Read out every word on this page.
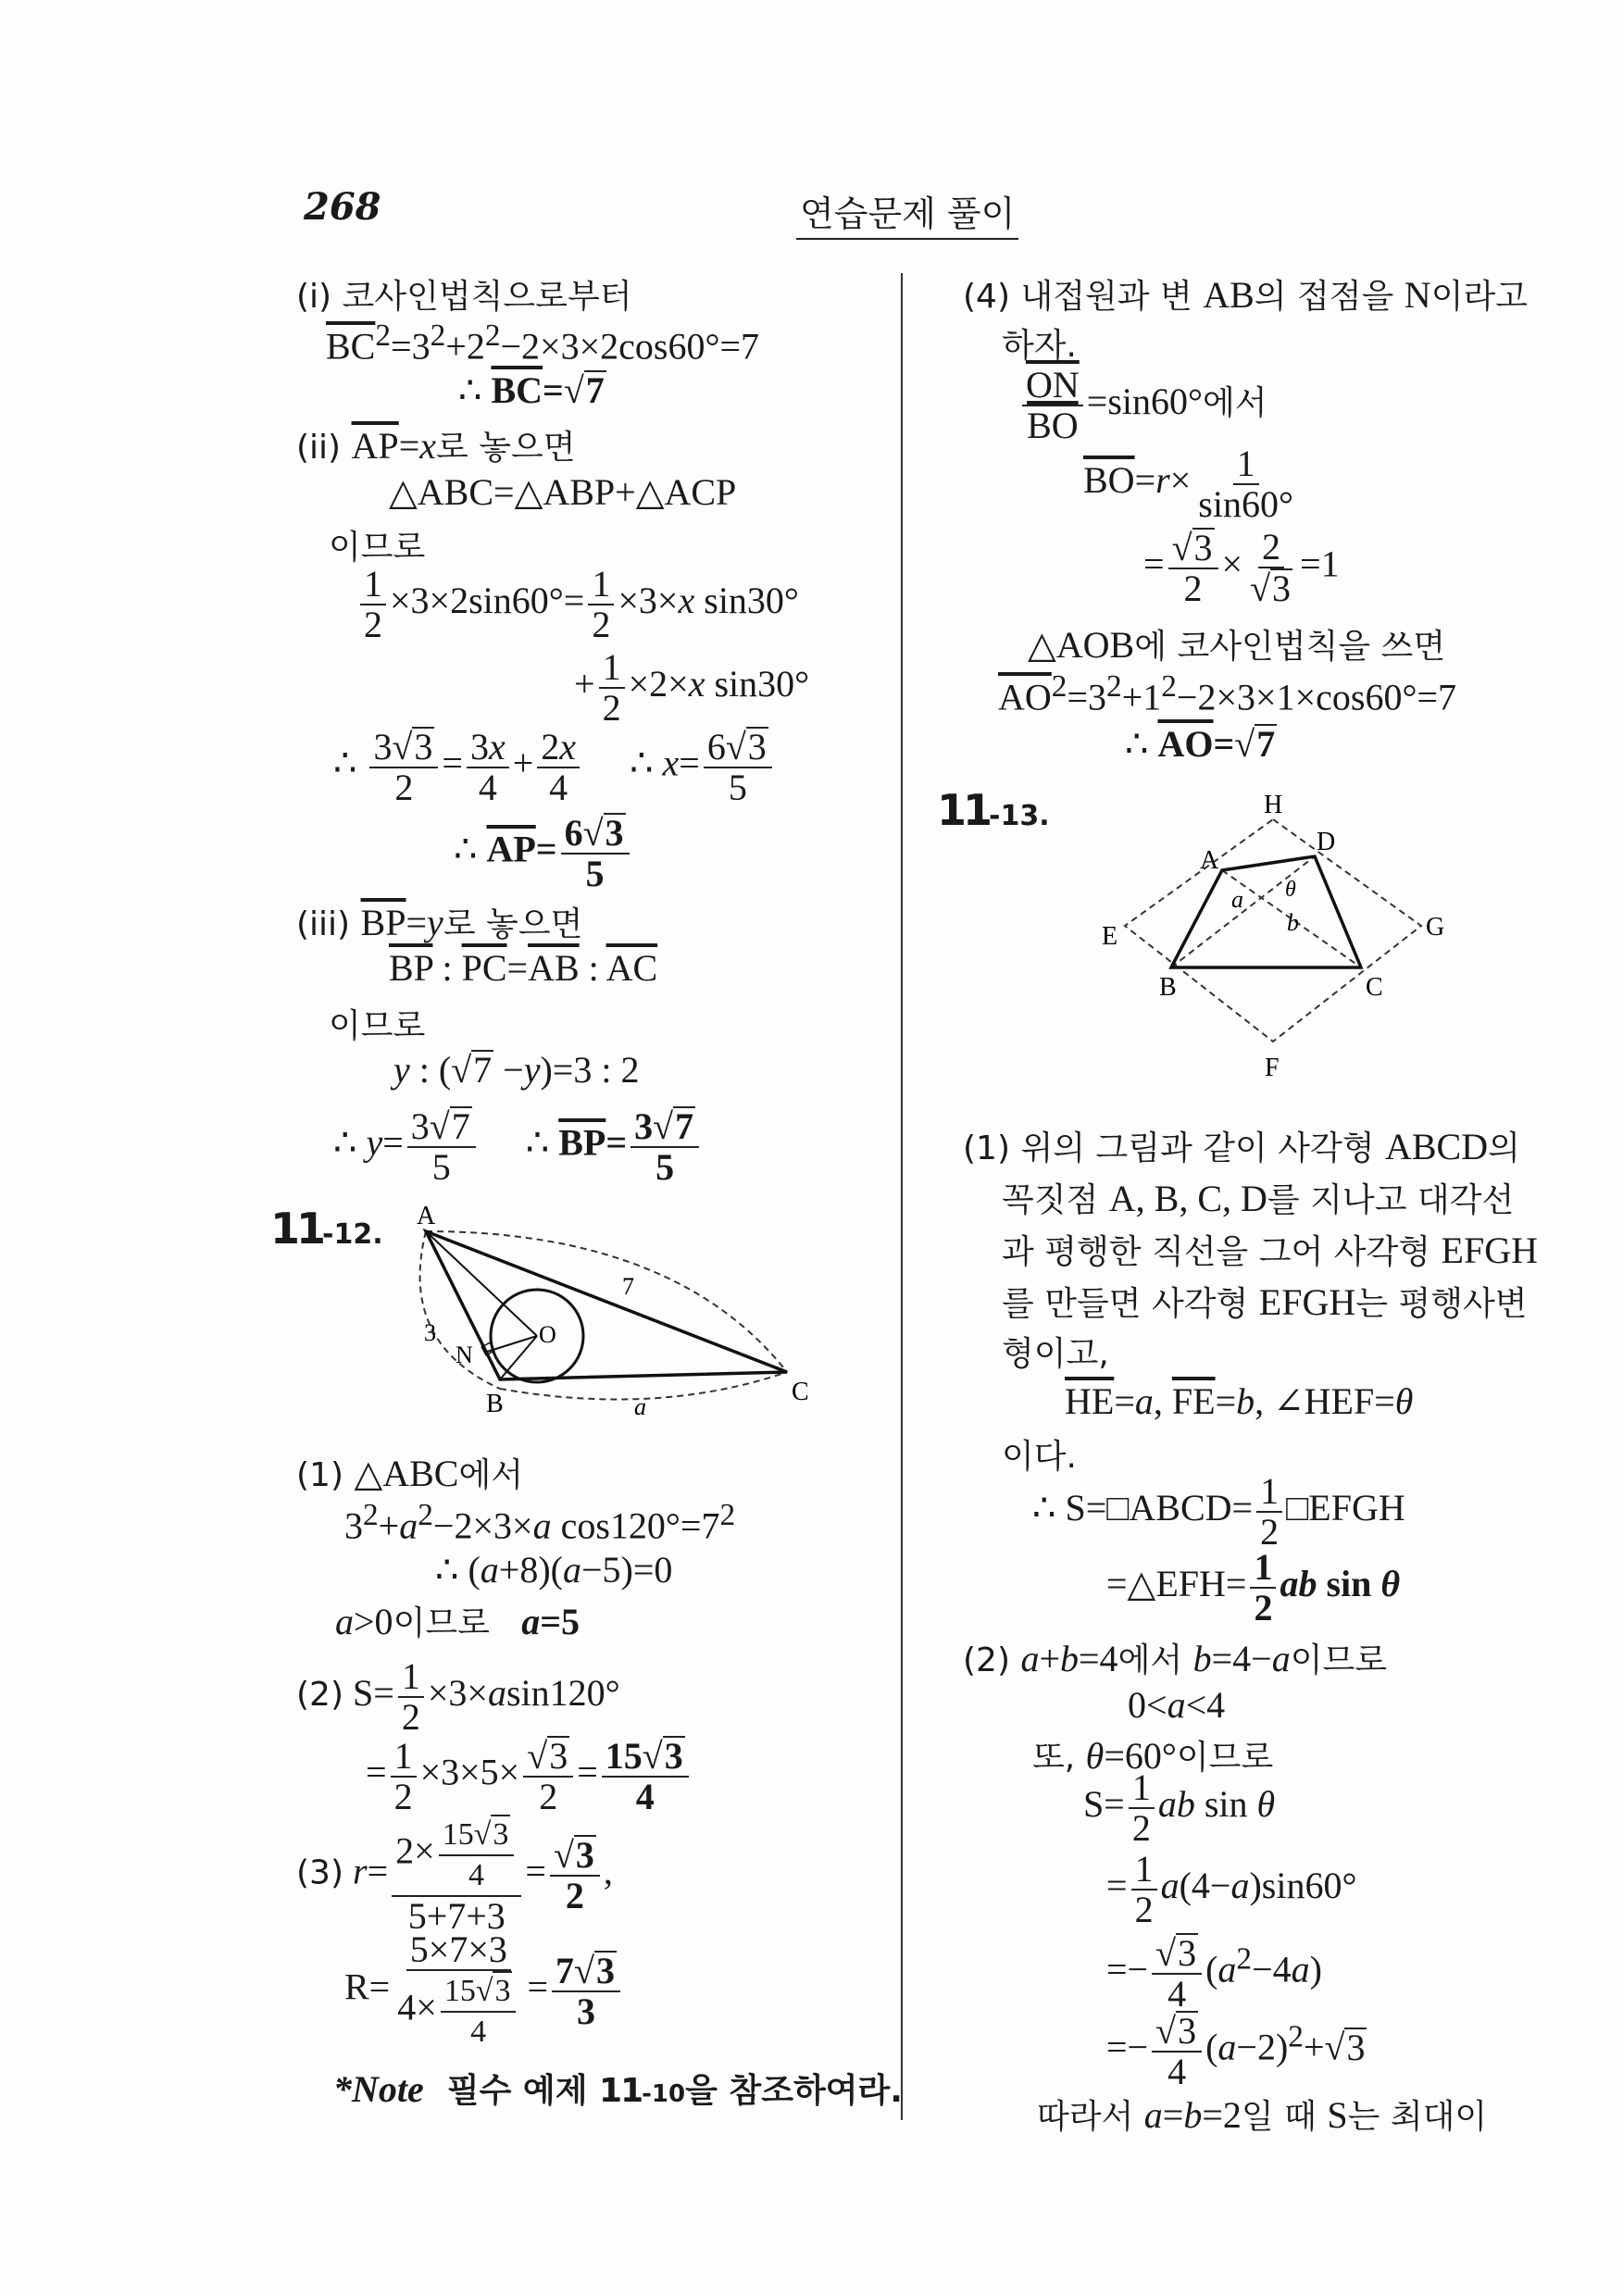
268	연습문제 풀이
(i) 코사인법칙으로부터
$\overline{BC}^2=3^2+2^2-2\times 3\times 2\cos 60^\circ=7$
∴ $\overline{BC}=√7$
(ii) $\overline{AP}=x$로 놓으면
△ABC=△ABP+△ACP
이므로
$\frac{1}{2} \times 3\times 2\sin 60^\circ= \frac{1}{2} \times 3\times x$ sin30°
+ $\frac{1}{2} \times 2\times x$ sin30°
∴ $\frac{3√3}{2} = \frac{3x}{4} + \frac{2x}{4}$ ∴ $x= \frac{6√3}{5}$
∴ $\overline{AP}= \frac{6√3}{5}$
(iii) $\overline{BP}=y$로 놓으면
$\overline{BP}$ : $\overline{PC}=\overline{AB}$ : $\overline{AC}$
이므로
y : (√7 −y)=3 : 2
∴ $y= \frac{3√7}{5}$ ∴ $\overline{BP}= \frac{3√7}{5}$
11-12.
A
B	C
N
O
7
3
a
(1) △ABC에서
$3^2+a^2-2\times 3\times a$ $\cos 120^\circ=7^2$
∴ (a+8)(a−5)=0
a>0이므로   a=5
(2) $S= \frac{1}{2} \times 3\times asin120^\circ$
= $\frac{1}{2} \times 3\times 5\times \frac{√3}{2} = \frac{15√3}{4}$
(3) $r= \frac{2\times \frac{15√3}{4}}{5+7+3} = \frac{√3}{2}$ ,
$R= \frac{5\times 7\times 3}{4\times \frac{15√3}{4}} = \frac{7√3}{3}$
*Note  필수 예제 11-10을 참조하여라.
(4) 내접원과 변 AB의 접점을 N이라고
하자.
$\frac{\overline{ON}}{BO} =\sin 60^\circ$에서
$\overline{BO}=r\times \frac{1}{\sin 60^\circ}$
= $\frac{√3}{2} \times \frac{2}{√3} =1$
△AOB에 코사인법칙을 쓰면
$\overline{AO}^2=3^2+1^2-2\times 3\times 1\times\cos 60^\circ=7$
∴ $\overline{AO}=√7$
11-13.	H
D
A
E	G
B	C
F
a
b
θ
(1) 위의 그림과 같이 사각형 ABCD의
꼭짓점 A, B, C, D를 지나고 대각선
과 평행한 직선을 그어 사각형 EFGH
를 만들면 사각형 EFGH는 평행사변
형이고,
$\overline{HE}=a$, $\overline{FE}=b$, ∠HEF=θ
이다.
∴ S=□ABCD= $\frac{1}{2}$ □EFGH
=△EFH= $\frac{1}{2}$ ab sin θ
(2) a+b=4에서 b=4−a이므로
0<a<4
또, θ=60°이므로
$S= \frac{1}{2}$ ab sin θ
= $\frac{1}{2} a(4-a)\sin 60^\circ$
=− $\frac{√3}{4} (a^2-4a)$
=− $\frac{√3}{4} (a-2)^2+√3$
따라서 a=b=2일 때 S는 최대이
